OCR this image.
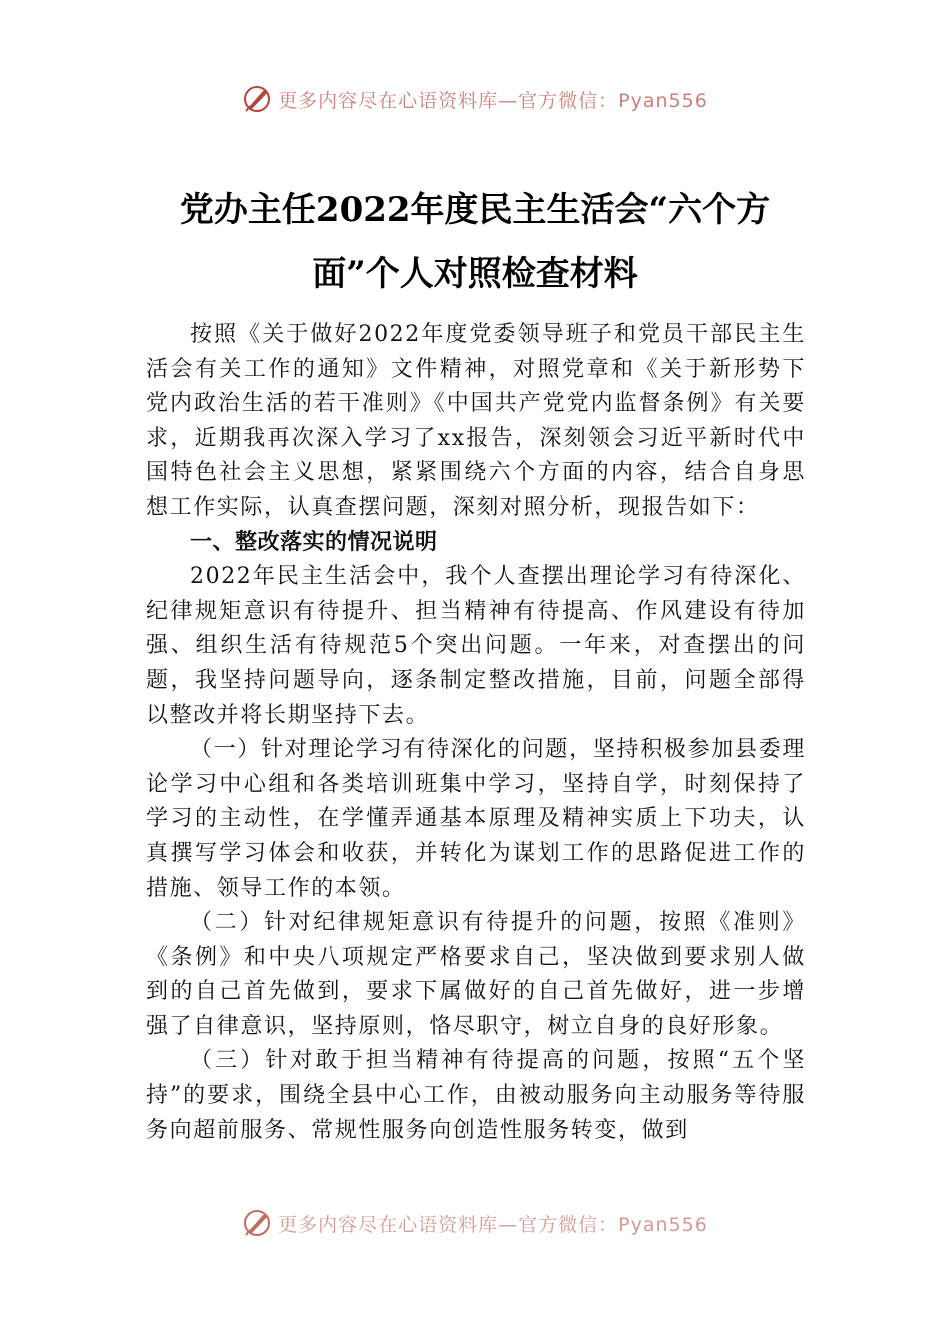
更多内容尽在心语资料库—官方微信：Pyan556
党办主任2022年度民主生活会“六个方
面”个人对照检查材料

按照《关于做好2022年度党委领导班子和党员干部民主生活会有关工作的通知》文件精神，对照党章和《关于新形势下党内政治生活的若干准则》《中国共产党党内监督条例》有关要求，近期我再次深入学习了xx报告，深刻领会习近平新时代中国特色社会主义思想，紧紧围绕六个方面的内容，结合自身思想工作实际，认真查摆问题，深刻对照分析，现报告如下：

一、整改落实的情况说明

2022年民主生活会中，我个人查摆出理论学习有待深化、纪律规矩意识有待提升、担当精神有待提高、作风建设有待加强、组织生活有待规范5个突出问题。一年来，对查摆出的问题，我坚持问题导向，逐条制定整改措施，目前，问题全部得以整改并将长期坚持下去。

（一）针对理论学习有待深化的问题，坚持积极参加县委理论学习中心组和各类培训班集中学习，坚持自学，时刻保持了学习的主动性，在学懂弄通基本原理及精神实质上下功夫，认真撰写学习体会和收获，并转化为谋划工作的思路促进工作的措施、领导工作的本领。

（二）针对纪律规矩意识有待提升的问题，按照《准则》《条例》和中央八项规定严格要求自己，坚决做到要求别人做到的自己首先做到，要求下属做好的自己首先做好，进一步增强了自律意识，坚持原则，恪尽职守，树立自身的良好形象。

（三）针对敢于担当精神有待提高的问题，按照“五个坚持”的要求，围绕全县中心工作，由被动服务向主动服务等待服务向超前服务、常规性服务向创造性服务转变，做到

更多内容尽在心语资料库—官方微信：Pyan556
